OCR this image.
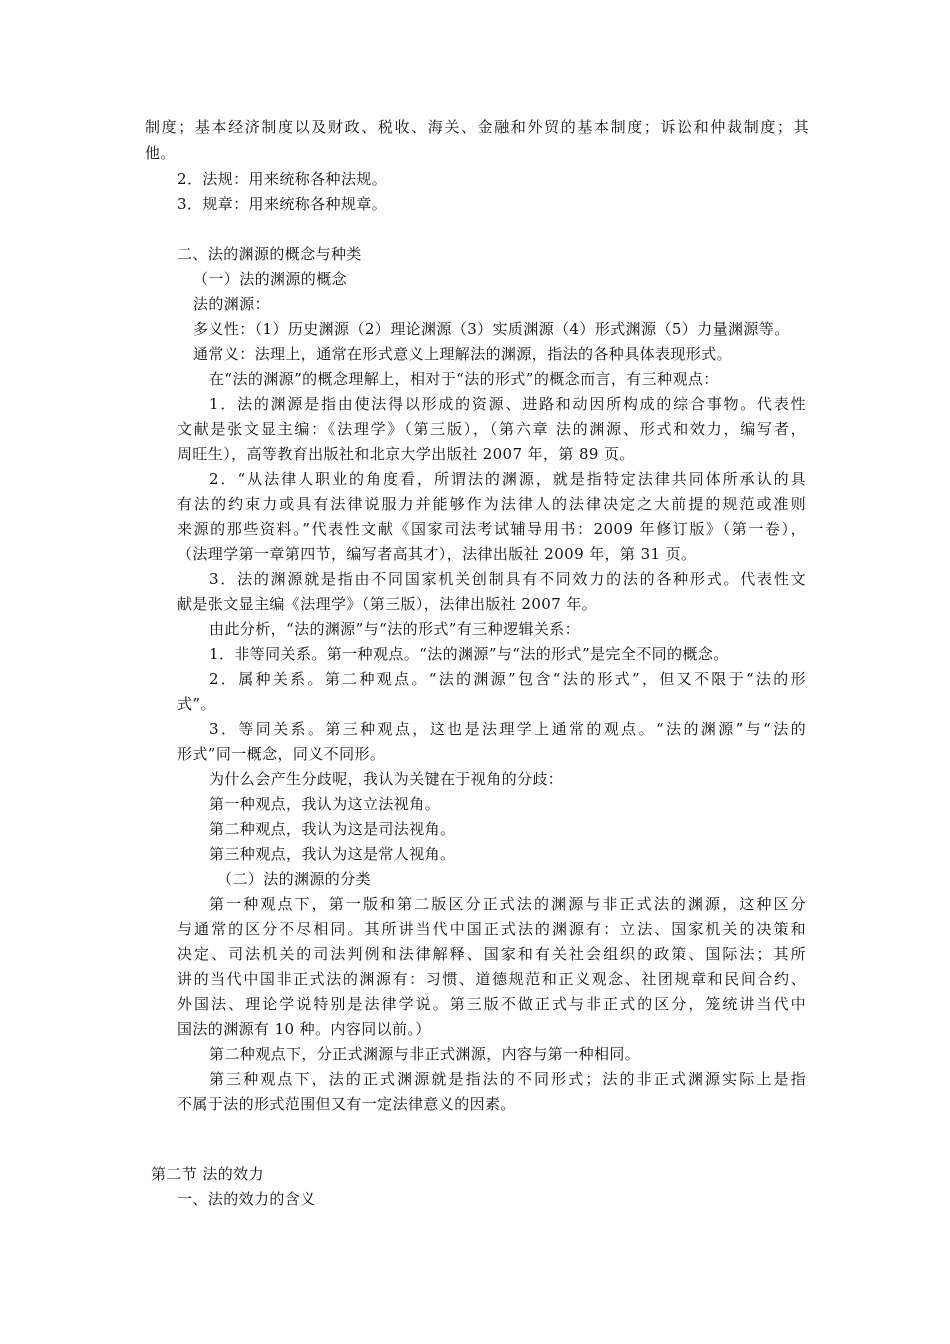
制度；基本经济制度以及财政、税收、海关、金融和外贸的基本制度；诉讼和仲裁制度；其
他。
2．法规：用来统称各种法规。
3．规章：用来统称各种规章。
二、法的渊源的概念与种类
（一）法的渊源的概念
法的渊源：
多义性：（1）历史渊源（2）理论渊源（3）实质渊源（4）形式渊源（5）力量渊源等。
通常义：法理上，通常在形式意义上理解法的渊源，指法的各种具体表现形式。
在“法的渊源”的概念理解上，相对于“法的形式”的概念而言，有三种观点：
1．法的渊源是指由使法得以形成的资源、进路和动因所构成的综合事物。代表性
文献是张文显主编：《法理学》（第三版），（第六章 法的渊源、形式和效力，编写者，
周旺生），高等教育出版社和北京大学出版社 2007 年，第 89 页。
2．“从法律人职业的角度看，所谓法的渊源，就是指特定法律共同体所承认的具
有法的约束力或具有法律说服力并能够作为法律人的法律决定之大前提的规范或准则
来源的那些资料。”代表性文献《国家司法考试辅导用书：2009 年修订版》（第一卷），
（法理学第一章第四节，编写者高其才），法律出版社 2009 年，第 31 页。
3．法的渊源就是指由不同国家机关创制具有不同效力的法的各种形式。代表性文
献是张文显主编《法理学》（第三版），法律出版社 2007 年。
由此分析，“法的渊源”与“法的形式”有三种逻辑关系：
1．非等同关系。第一种观点。“法的渊源”与“法的形式”是完全不同的概念。
2．属种关系。第二种观点。“法的渊源”包含“法的形式”，但又不限于“法的形
式”。
3．等同关系。第三种观点，这也是法理学上通常的观点。“法的渊源”与“法的
形式”同一概念，同义不同形。
为什么会产生分歧呢，我认为关键在于视角的分歧：
第一种观点，我认为这立法视角。
第二种观点，我认为这是司法视角。
第三种观点，我认为这是常人视角。
（二）法的渊源的分类
第一种观点下，第一版和第二版区分正式法的渊源与非正式法的渊源，这种区分
与通常的区分不尽相同。其所讲当代中国正式法的渊源有：立法、国家机关的决策和
决定、司法机关的司法判例和法律解释、国家和有关社会组织的政策、国际法；其所
讲的当代中国非正式法的渊源有：习惯、道德规范和正义观念、社团规章和民间合约、
外国法、理论学说特别是法律学说。第三版不做正式与非正式的区分，笼统讲当代中
国法的渊源有 10 种。内容同以前。）
第二种观点下，分正式渊源与非正式渊源，内容与第一种相同。
第三种观点下，法的正式渊源就是指法的不同形式；法的非正式渊源实际上是指
不属于法的形式范围但又有一定法律意义的因素。
第二节 法的效力
一、法的效力的含义
